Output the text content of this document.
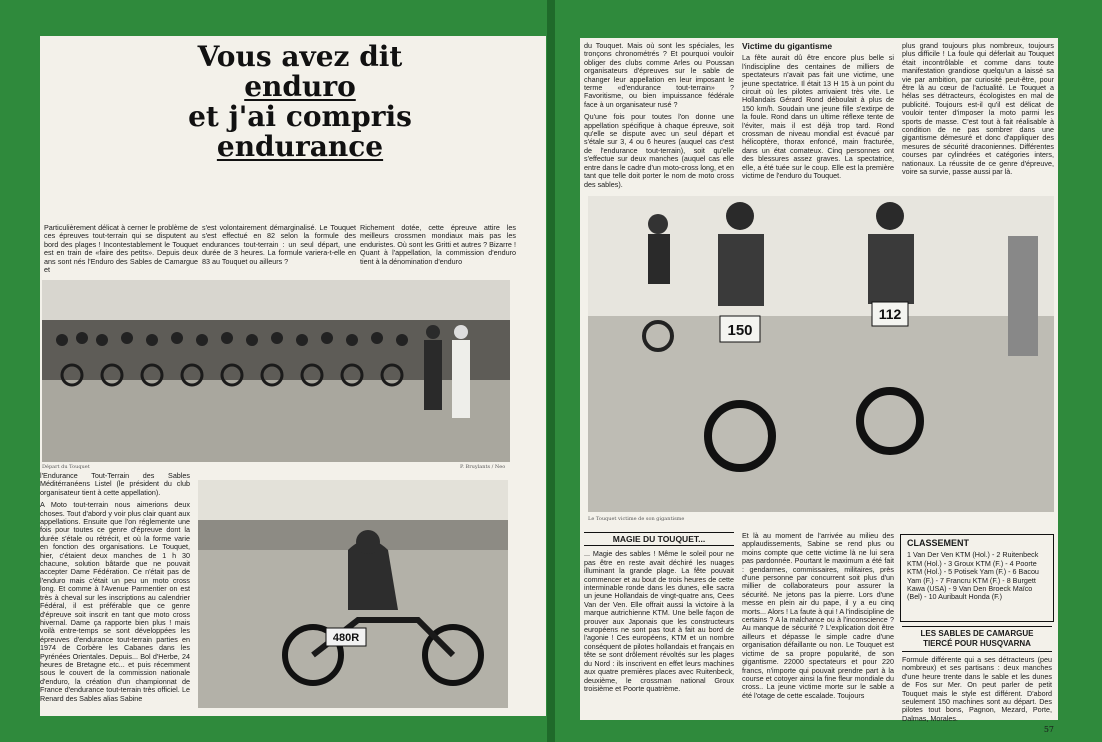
Vous avez dit
enduro
et j'ai compris
endurance
Particulièrement délicat à cerner le problème de ces épreuves tout-terrain qui se disputent au bord des plages ! Incontestablement le Touquet est en train de «faire des petits». Depuis deux ans sont nés l'Enduro des Sables de Camargue et
s'est volontairement démarginalisé. Le Touquet s'est effectué en 82 selon la formule des endurances tout-terrain : un seul départ, une durée de 3 heures. La formule variera-t-elle en 83 au Touquet ou ailleurs ?
Richement dotée, cette épreuve attire les meilleurs crossmen mondiaux mais pas les enduristes. Où sont les Gritti et autres ? Bizarre ! Quant à l'appellation, la commission d'enduro tient à la dénomination d'enduro
Départ du Touquet	P. Bruylants / Neo

l'Endurance Tout-Terrain des Sables Méditérranéens Listel (le président du club organisateur tient à cette appellation).

A Moto tout-terrain nous aimerions deux choses. Tout d'abord y voir plus clair quant aux appellations. Ensuite que l'on réglemente une fois pour toutes ce genre d'épreuve dont la durée s'étale ou rétrécit, et où la forme varie en fonction des organisations. Le Touquet, hier, c'étaient deux manches de 1 h 30 chacune, solution bâtarde que ne pouvait accepter Dame Fédération. Ce n'était pas de l'enduro mais c'était un peu un moto cross long. Et comme à l'Avenue Parmentier on est très à cheval sur les inscriptions au calendrier Fédéral, il est préférable que ce genre d'épreuve soit inscrit en tant que moto cross hivernal. Dame ça rapporte bien plus ! mais voilà entre-temps se sont développées les épreuves d'endurance tout-terrain parties en 1974 de Corbère les Cabanes dans les Pyrénées Orientales. Depuis... Bol d'Herbe, 24 heures de Bretagne etc... et puis récemment sous le couvert de la commission nationale d'enduro, la création d'un championnat de France d'endurance tout-terrain très officiel. Le Renard des Sables alias Sabine

480R

du Touquet. Mais où sont les spéciales, les tronçons chronométrés ? Et pourquoi vouloir obliger des clubs comme Arles ou Poussan organisateurs d'épreuves sur le sable de changer leur appellation en leur imposant le terme «d'endurance tout-terrain» ? Favoritisme, ou bien impuissance fédérale face à un organisateur rusé ?

Qu'une fois pour toutes l'on donne une appellation spécifique à chaque épreuve, soit qu'elle se dispute avec un seul départ et s'étale sur 3, 4 ou 6 heures (auquel cas c'est de l'endurance tout-terrain), soit qu'elle s'effectue sur deux manches (auquel cas elle entre dans le cadre d'un moto-cross long, et en tant que telle doit porter le nom de moto cross des sables).

Victime du gigantisme
La fête aurait dû être encore plus belle si l'indiscipline des centaines de milliers de spectateurs n'avait pas fait une victime, une jeune spectatrice. Il était 13 H 15 à un point du circuit où les pilotes arrivaient très vite. Le Hollandais Gérard Rond déboulait à plus de 150 km/h. Soudain une jeune fille s'extirpe de la foule. Rond dans un ultime réflexe tente de l'éviter, mais il est déjà trop tard. Rond crossman de niveau mondial est évacué par hélicoptère, thorax enfoncé, main fracturée, dans un état comateux. Cinq personnes ont des blessures assez graves. La spectatrice, elle, a été tuée sur le coup. Elle est la première victime de l'enduro du Touquet.
plus grand toujours plus nombreux, toujours plus difficile ! La foule qui déferlait au Touquet était incontrôlable et comme dans toute manifestation grandiose quelqu'un a laissé sa vie par ambition, par curiosité peut-être, pour être là au cœur de l'actualité. Le Touquet a hélas ses détracteurs, écologistes en mal de publicité. Toujours est-il qu'il est délicat de vouloir tenter d'imposer la moto parmi les sports de masse. C'est tout à fait réalisable à condition de ne pas sombrer dans une gigantisme démesuré et donc d'appliquer des mesures de sécurité draconiennes. Différentes courses par cylindrées et catégories inters, nationaux. La réussite de ce genre d'épreuve, voire sa survie, passe aussi par là.
150
112
Le Touquet victime de son gigantisme
MAGIE DU TOUQUET...
... Magie des sables ! Même le soleil pour ne pas être en reste avait déchiré les nuages illuminant la grande plage. La fête pouvait commencer et au bout de trois heures de cette interminable ronde dans les dunes, elle sacra un jeune Hollandais de vingt-quatre ans, Cees Van der Ven. Elle offrait aussi la victoire à la marque autrichienne KTM. Une belle façon de prouver aux Japonais que les constructeurs européens ne sont pas tout à fait au bord de l'agonie ! Ces européens, KTM et un nombre conséquent de pilotes hollandais et français en tête se sont drôlement révoltés sur les plages du Nord : ils inscrivent en effet leurs machines aux quatre premières places avec Ruitenbeck, deuxième, le crossman national Groux troisième et Poorte quatrième.
Et là au moment de l'arrivée au milieu des applaudissements, Sabine se rend plus ou moins compte que cette victime là ne lui sera pas pardonnée. Pourtant le maximum a été fait : gendarmes, commissaires, militaires, près d'une personne par concurrent soit plus d'un millier de collaborateurs pour assurer la sécurité. Ne jetons pas la pierre. Lors d'une messe en plein air du pape, il y a eu cinq morts... Alors ! La faute à qui ! A l'indiscipline de certains ? A la malchance ou à l'inconscience ? Au manque de sécurité ? L'explication doit être ailleurs et dépasse le simple cadre d'une organisation défaillante ou non. Le Touquet est victime de sa propre popularité, de son gigantisme. 22000 spectateurs et pour 220 francs, n'importe qui pouvait prendre part à la course et cotoyer ainsi la fine fleur mondiale du cross.. La jeune victime morte sur le sable a été l'otage de cette escalade. Toujours
CLASSEMENT
1 Van Der Ven KTM (Hol.) - 2 Ruitenbeck KTM (Hol.) - 3 Groux KTM (F.) - 4 Poorte KTM (Hol.) - 5 Potisek Yam (F.) - 6 Bacou Yam (F.) - 7 Francru KTM (F.) - 8 Burgett Kawa (USA) - 9 Van Den Broeck Maïco (Bel) - 10 Auribault Honda (F.)
LES SABLES DE CAMARGUE
TIERCÉ POUR HUSQVARNA
Formule différente qui a ses détracteurs (peu nombreux) et ses partisans : deux manches d'une heure trente dans le sable et les dunes de Fos sur Mer. On peut parler de petit Touquet mais le style est différent. D'abord seulement 150 machines sont au départ. Des pilotes tout bons, Pagnon, Mezard, Porte, Dalmas, Morales.
57
